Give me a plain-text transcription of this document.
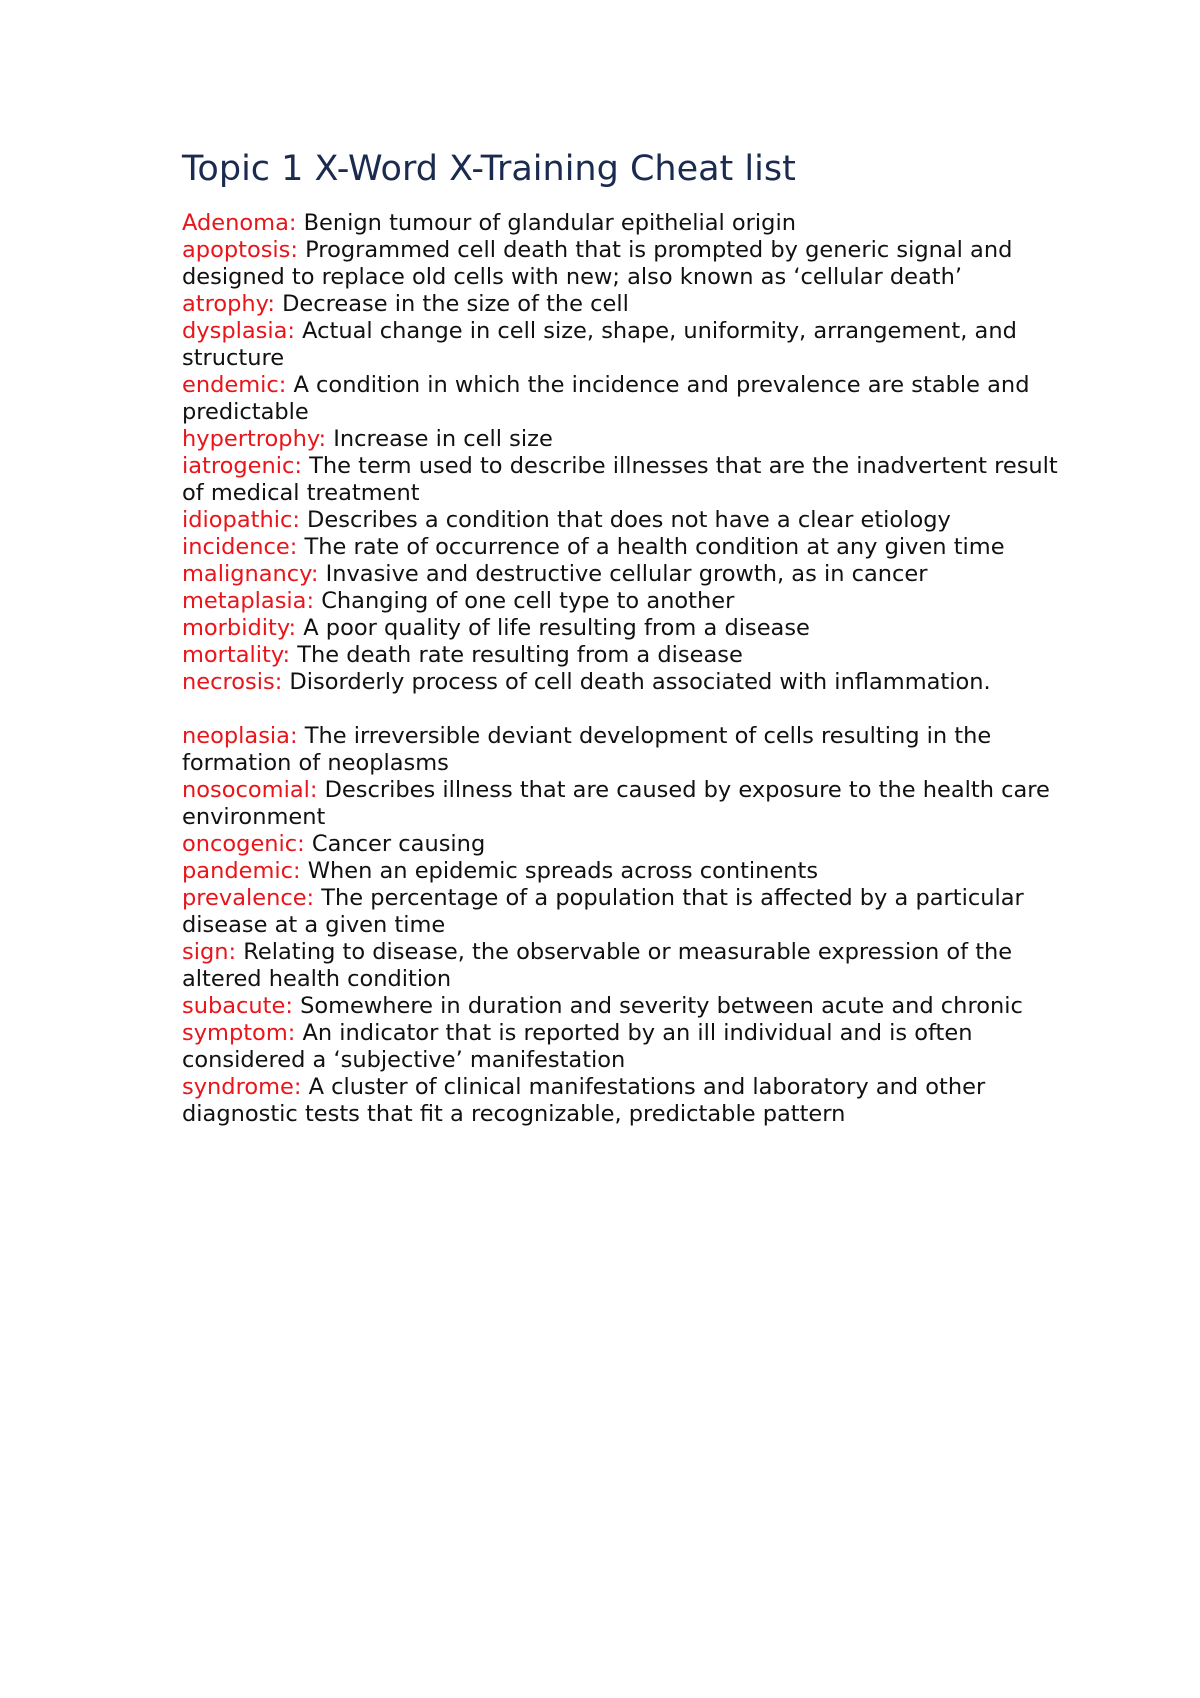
Topic 1 X-Word X-Training Cheat list

Adenoma: Benign tumour of glandular epithelial origin

apoptosis: Programmed cell death that is prompted by generic signal and designed to replace old cells with new; also known as ‘cellular death’

atrophy: Decrease in the size of the cell

dysplasia: Actual change in cell size, shape, uniformity, arrangement, and structure

endemic: A condition in which the incidence and prevalence are stable and predictable

hypertrophy: Increase in cell size

iatrogenic: The term used to describe illnesses that are the inadvertent result of medical treatment

idiopathic: Describes a condition that does not have a clear etiology

incidence: The rate of occurrence of a health condition at any given time

malignancy: Invasive and destructive cellular growth, as in cancer

metaplasia: Changing of one cell type to another

morbidity: A poor quality of life resulting from a disease

mortality: The death rate resulting from a disease

necrosis: Disorderly process of cell death associated with inflammation.

neoplasia: The irreversible deviant development of cells resulting in the formation of neoplasms

nosocomial: Describes illness that are caused by exposure to the health care environment

oncogenic: Cancer causing

pandemic: When an epidemic spreads across continents

prevalence: The percentage of a population that is affected by a particular disease at a given time

sign: Relating to disease, the observable or measurable expression of the altered health condition

subacute: Somewhere in duration and severity between acute and chronic

symptom: An indicator that is reported by an ill individual and is often considered a ‘subjective’ manifestation

syndrome: A cluster of clinical manifestations and laboratory and other diagnostic tests that fit a recognizable, predictable pattern
